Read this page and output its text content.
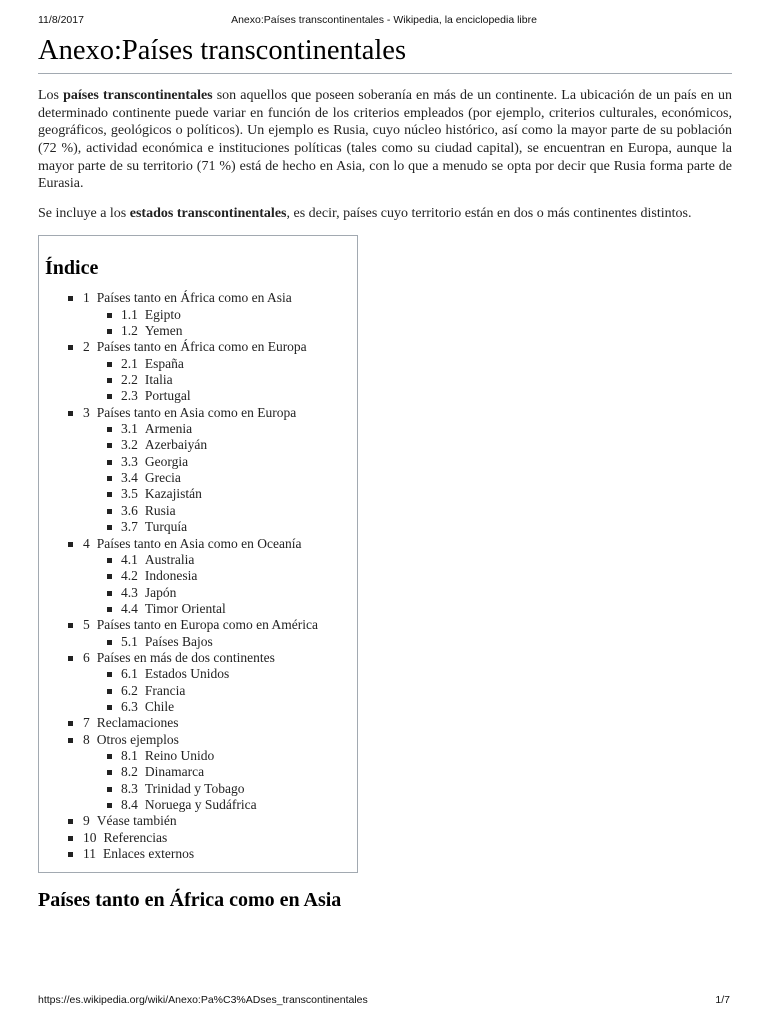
11/8/2017	Anexo:Países transcontinentales - Wikipedia, la enciclopedia libre
Anexo:Países transcontinentales

Los países transcontinentales son aquellos que poseen soberanía en más de un continente. La ubicación de un país en un determinado continente puede variar en función de los criterios empleados (por ejemplo, criterios culturales, económicos, geográficos, geológicos o políticos). Un ejemplo es Rusia, cuyo núcleo histórico, así como la mayor parte de su población (72 %), actividad económica e instituciones políticas (tales como su ciudad capital), se encuentran en Europa, aunque la mayor parte de su territorio (71 %) está de hecho en Asia, con lo que a menudo se opta por decir que Rusia forma parte de Eurasia.

Se incluye a los estados transcontinentales, es decir, países cuyo territorio están en dos o más continentes distintos.

Índice
1 Países tanto en África como en Asia
1.1 Egipto
1.2 Yemen
2 Países tanto en África como en Europa
2.1 España
2.2 Italia
2.3 Portugal
3 Países tanto en Asia como en Europa
3.1 Armenia
3.2 Azerbaiyán
3.3 Georgia
3.4 Grecia
3.5 Kazajistán
3.6 Rusia
3.7 Turquía
4 Países tanto en Asia como en Oceanía
4.1 Australia
4.2 Indonesia
4.3 Japón
4.4 Timor Oriental
5 Países tanto en Europa como en América
5.1 Países Bajos
6 Países en más de dos continentes
6.1 Estados Unidos
6.2 Francia
6.3 Chile
7 Reclamaciones
8 Otros ejemplos
8.1 Reino Unido
8.2 Dinamarca
8.3 Trinidad y Tobago
8.4 Noruega y Sudáfrica
9 Véase también
10 Referencias
11 Enlaces externos
Países tanto en África como en Asia
https://es.wikipedia.org/wiki/Anexo:Pa%C3%ADses_transcontinentales	1/7
